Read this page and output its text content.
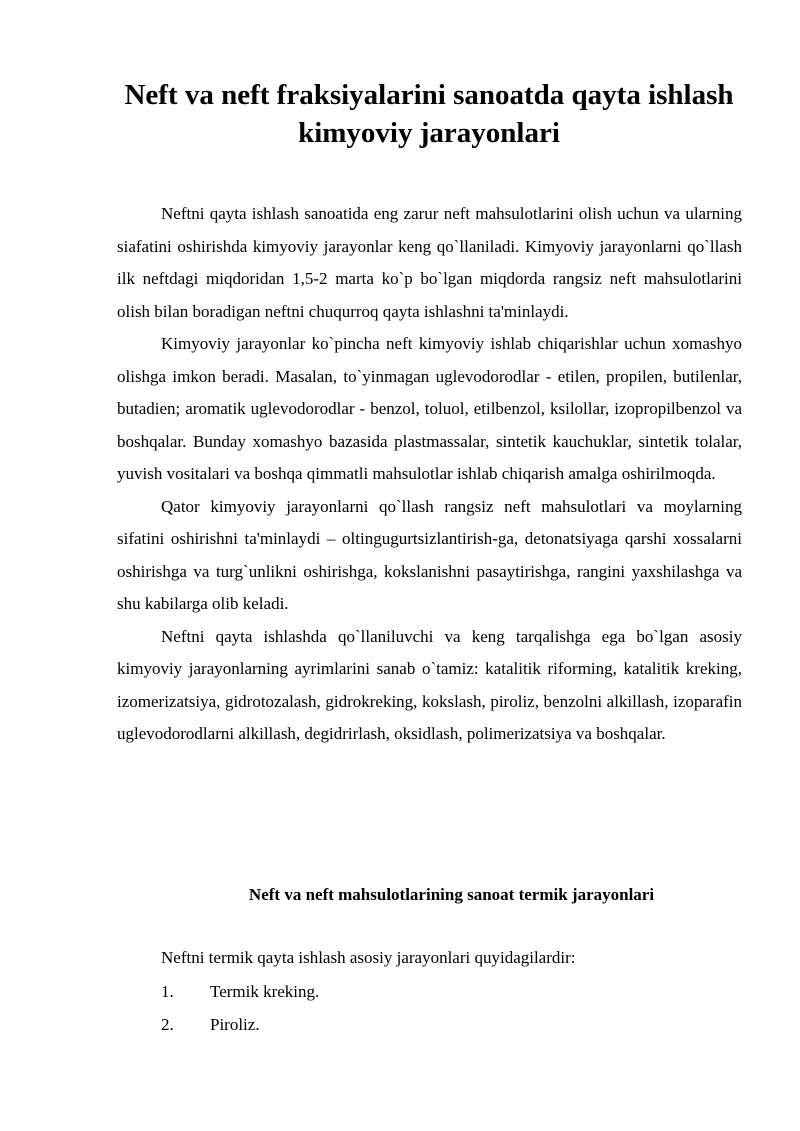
Neft va neft fraksiyalarini sanoatda qayta ishlash
kimyoviy jarayonlari

Neftni qayta ishlash sanoatida eng zarur neft mahsulotlarini olish uchun va ularning siafatini oshirishda kimyoviy jarayonlar keng qo`llaniladi. Kimyoviy jarayonlarni qo`llash ilk neftdagi miqdoridan 1,5-2 marta ko`p bo`lgan miqdorda rangsiz neft mahsulotlarini olish bilan boradigan neftni chuqurroq qayta ishlashni ta'minlaydi.

Kimyoviy jarayonlar ko`pincha neft kimyoviy ishlab chiqarishlar uchun xomashyo olishga imkon beradi. Masalan, to`yinmagan uglevodorodlar - etilen, propilen, butilenlar, butadien; aromatik uglevodorodlar - benzol, toluol, etilbenzol, ksilollar, izopropilbenzol va boshqalar. Bunday xomashyo bazasida plastmassalar, sintetik kauchuklar, sintetik tolalar, yuvish vositalari va boshqa qimmatli mahsulotlar ishlab chiqarish amalga oshirilmoqda.

Qator kimyoviy jarayonlarni qo`llash rangsiz neft mahsulotlari va moylarning sifatini oshirishni ta'minlaydi – oltingugurtsizlantirish-ga, detonatsiyaga qarshi xossalarni oshirishga va turg`unlikni oshirishga, kokslanishni pasaytirishga, rangini yaxshilashga va shu kabilarga olib keladi.

Neftni qayta ishlashda qo`llaniluvchi va keng tarqalishga ega bo`lgan asosiy kimyoviy jarayonlarning ayrimlarini sanab o`tamiz: katalitik riforming, katalitik kreking, izomerizatsiya, gidrotozalash, gidrokreking, kokslash, piroliz, benzolni alkillash, izoparafin uglevodorodlarni alkillash, degidrirlash, oksidlash, polimerizatsiya va boshqalar.

Neft va neft mahsulotlarining sanoat termik jarayonlari

Neftni termik qayta ishlash asosiy jarayonlari quyidagilardir:

1. Termik kreking.
2. Piroliz.
